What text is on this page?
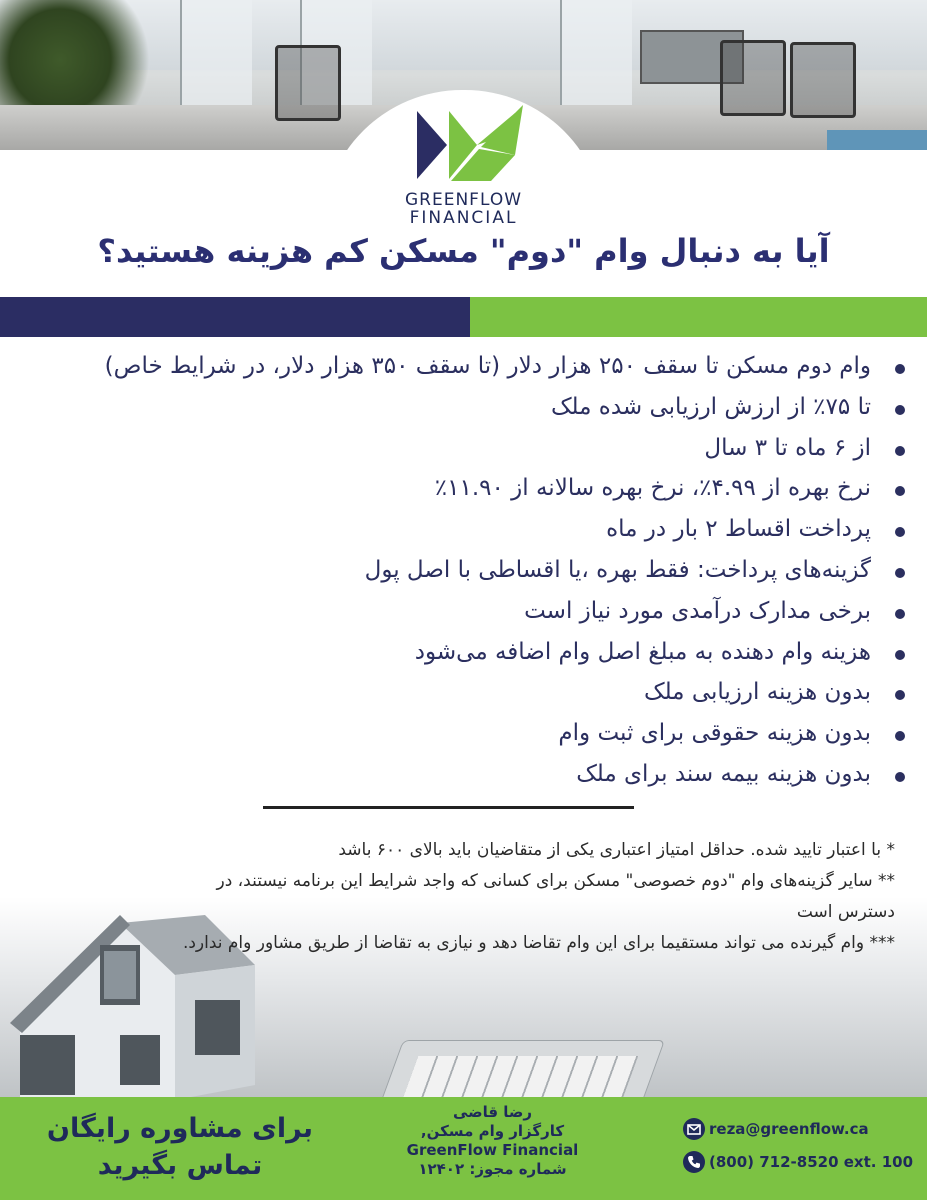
GREENFLOW
FINANCIAL
آیا به دنبال وام "دوم" مسکن کم هزینه هستید؟
وام دوم مسکن تا سقف ۲۵۰ هزار دلار (تا سقف ۳۵۰ هزار دلار، در شرایط خاص)
تا ۷۵٪ از ارزش ارزیابی شده ملک
از ۶ ماه تا ۳ سال
نرخ بهره از ۴.۹۹٪، نرخ بهره سالانه از ۱۱.۹۰٪
پرداخت اقساط ۲ بار در ماه
گزینه‌های پرداخت: فقط بهره ،یا اقساطی با اصل پول
برخی مدارک درآمدی مورد نیاز است
هزینه وام دهنده به مبلغ اصل وام اضافه می‌شود
بدون هزینه ارزیابی ملک
بدون هزینه حقوقی برای ثبت وام
بدون هزینه بیمه سند برای ملک

* با اعتبار تایید شده. حداقل امتیاز اعتباری یکی از متقاضیان باید بالای ۶۰۰ باشد

** سایر گزینه‌های وام "دوم خصوصی" مسکن برای کسانی که واجد شرایط این برنامه نیستند، در دسترس است

*** وام گیرنده می تواند مستقیما برای این وام تقاضا دهد و نیازی به تقاضا از طریق مشاور وام ندارد.

برای مشاوره رایگان
تماس بگیرید
رضا قاضی
کارگزار وام مسکن,
GreenFlow Financial
شماره مجوز: ۱۲۴۰۲
reza@greenflow.ca
(800) 712-8520 ext. 100
